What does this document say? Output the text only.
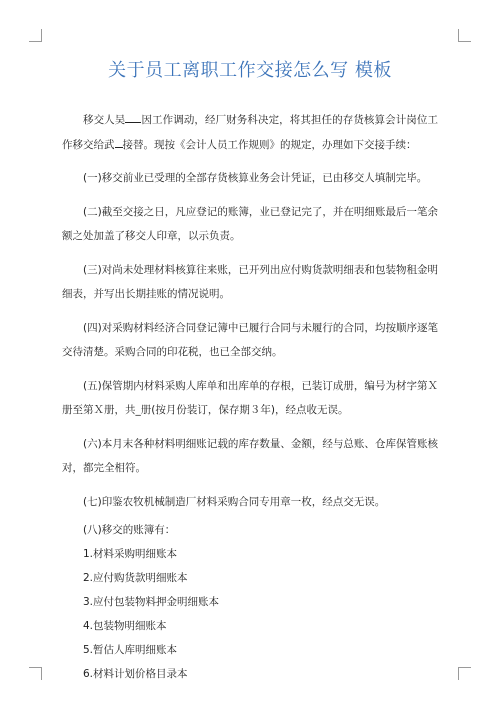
关于员工离职工作交接怎么写 模板

移交人吴 因工作调动，经厂财务科决定，将其担任的存货核算会计岗位工作移交给武 接替。现按《会计人员工作规则》的规定，办理如下交接手续：

(一)移交前业已受理的全部存货核算业务会计凭证，已由移交人填制完毕。

(二)截至交接之日，凡应登记的账簿，业已登记完了，并在明细账最后一笔余额之处加盖了移交人印章，以示负责。

(三)对尚未处理材料核算往来账，已开列出应付购货款明细表和包装物租金明细表，并写出长期挂账的情况说明。

(四)对采购材料经济合同登记簿中已履行合同与未履行的合同，均按顺序逐笔交待清楚。采购合同的印花税，也已全部交纳。

(五)保管期内材料采购人库单和出库单的存根，已装订成册，编号为材字第Ｘ册至第Ｘ册，共_册(按月份装订，保存期３年)，经点收无误。

(六)本月末各种材料明细账记载的库存数量、金额，经与总账、仓库保管账核对，都完全相符。

(七)印鉴农牧机械制造厂材料采购合同专用章一枚，经点交无误。

(八)移交的账簿有：

1.材料采购明细账本

2.应付购货款明细账本

3.应付包装物料押金明细账本

4.包装物明细账本

5.暂估人库明细账本

6.材料计划价格目录本
